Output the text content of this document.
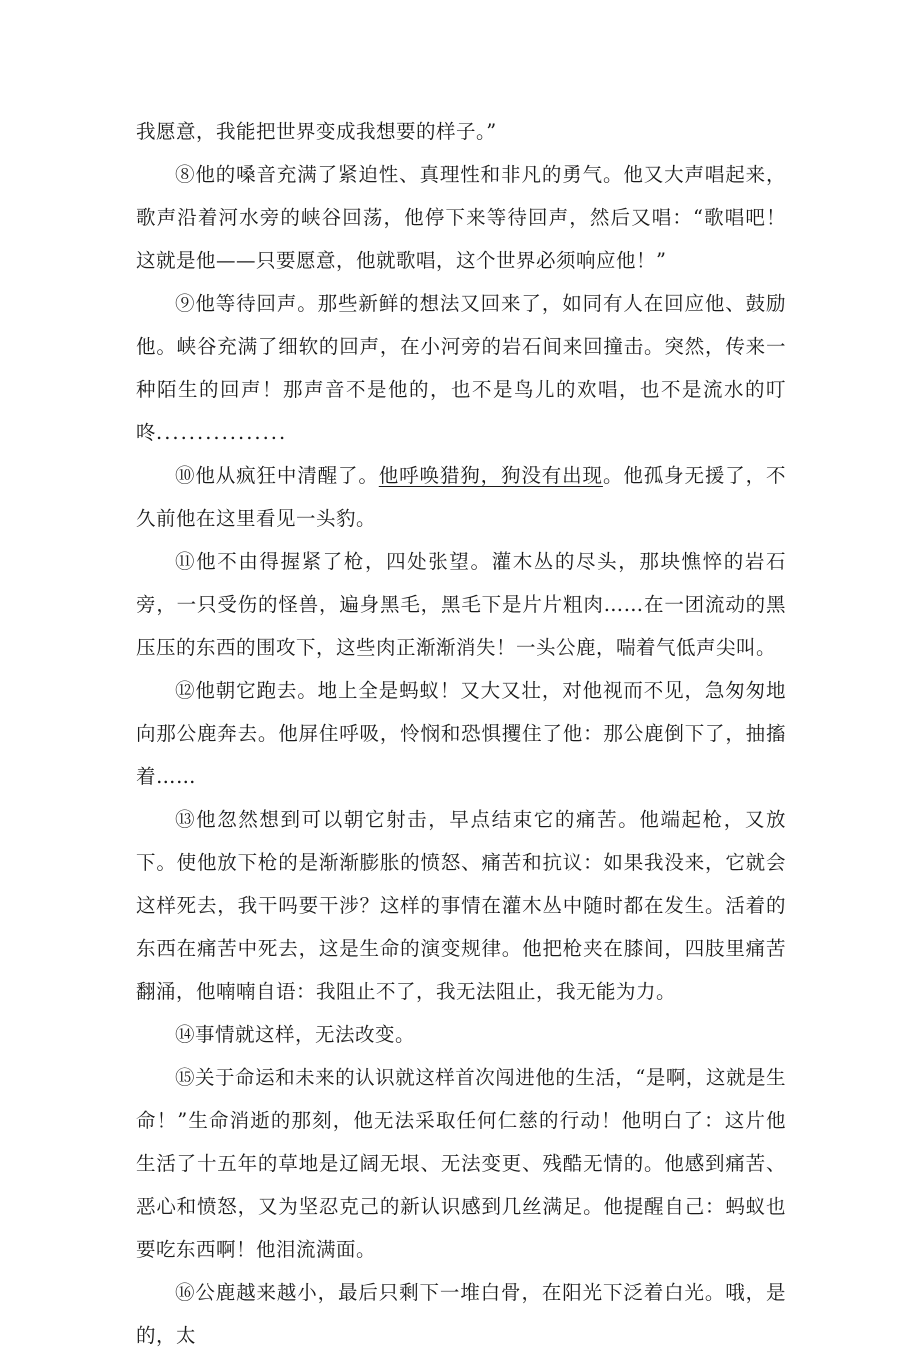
我愿意，我能把世界变成我想要的样子。”

⑧他的嗓音充满了紧迫性、真理性和非凡的勇气。他又大声唱起来，歌声沿着河水旁的峡谷回荡，他停下来等待回声，然后又唱：“歌唱吧！这就是他——只要愿意，他就歌唱，这个世界必须响应他！”

⑨他等待回声。那些新鲜的想法又回来了，如同有人在回应他、鼓励他。峡谷充满了细软的回声，在小河旁的岩石间来回撞击。突然，传来一种陌生的回声！那声音不是他的，也不是鸟儿的欢唱，也不是流水的叮咚................

⑩他从疯狂中清醒了。他呼唤猎狗，狗没有出现。他孤身无援了，不久前他在这里看见一头豹。

⑪他不由得握紧了枪，四处张望。灌木丛的尽头，那块憔悴的岩石旁，一只受伤的怪兽，遍身黑毛，黑毛下是片片粗肉……在一团流动的黑压压的东西的围攻下，这些肉正渐渐消失！一头公鹿，喘着气低声尖叫。

⑫他朝它跑去。地上全是蚂蚁！又大又壮，对他视而不见，急匆匆地向那公鹿奔去。他屏住呼吸，怜悯和恐惧攫住了他：那公鹿倒下了，抽搐着……

⑬他忽然想到可以朝它射击，早点结束它的痛苦。他端起枪，又放下。使他放下枪的是渐渐膨胀的愤怒、痛苦和抗议：如果我没来，它就会这样死去，我干吗要干涉？这样的事情在灌木丛中随时都在发生。活着的东西在痛苦中死去，这是生命的演变规律。他把枪夹在膝间，四肢里痛苦翻涌，他喃喃自语：我阻止不了，我无法阻止，我无能为力。

⑭事情就这样，无法改变。

⑮关于命运和未来的认识就这样首次闯进他的生活，“是啊，这就是生命！”生命消逝的那刻，他无法采取任何仁慈的行动！他明白了：这片他生活了十五年的草地是辽阔无垠、无法变更、残酷无情的。他感到痛苦、恶心和愤怒，又为坚忍克己的新认识感到几丝满足。他提醒自己：蚂蚁也要吃东西啊！他泪流满面。

⑯公鹿越来越小，最后只剩下一堆白骨，在阳光下泛着白光。哦，是的，太
